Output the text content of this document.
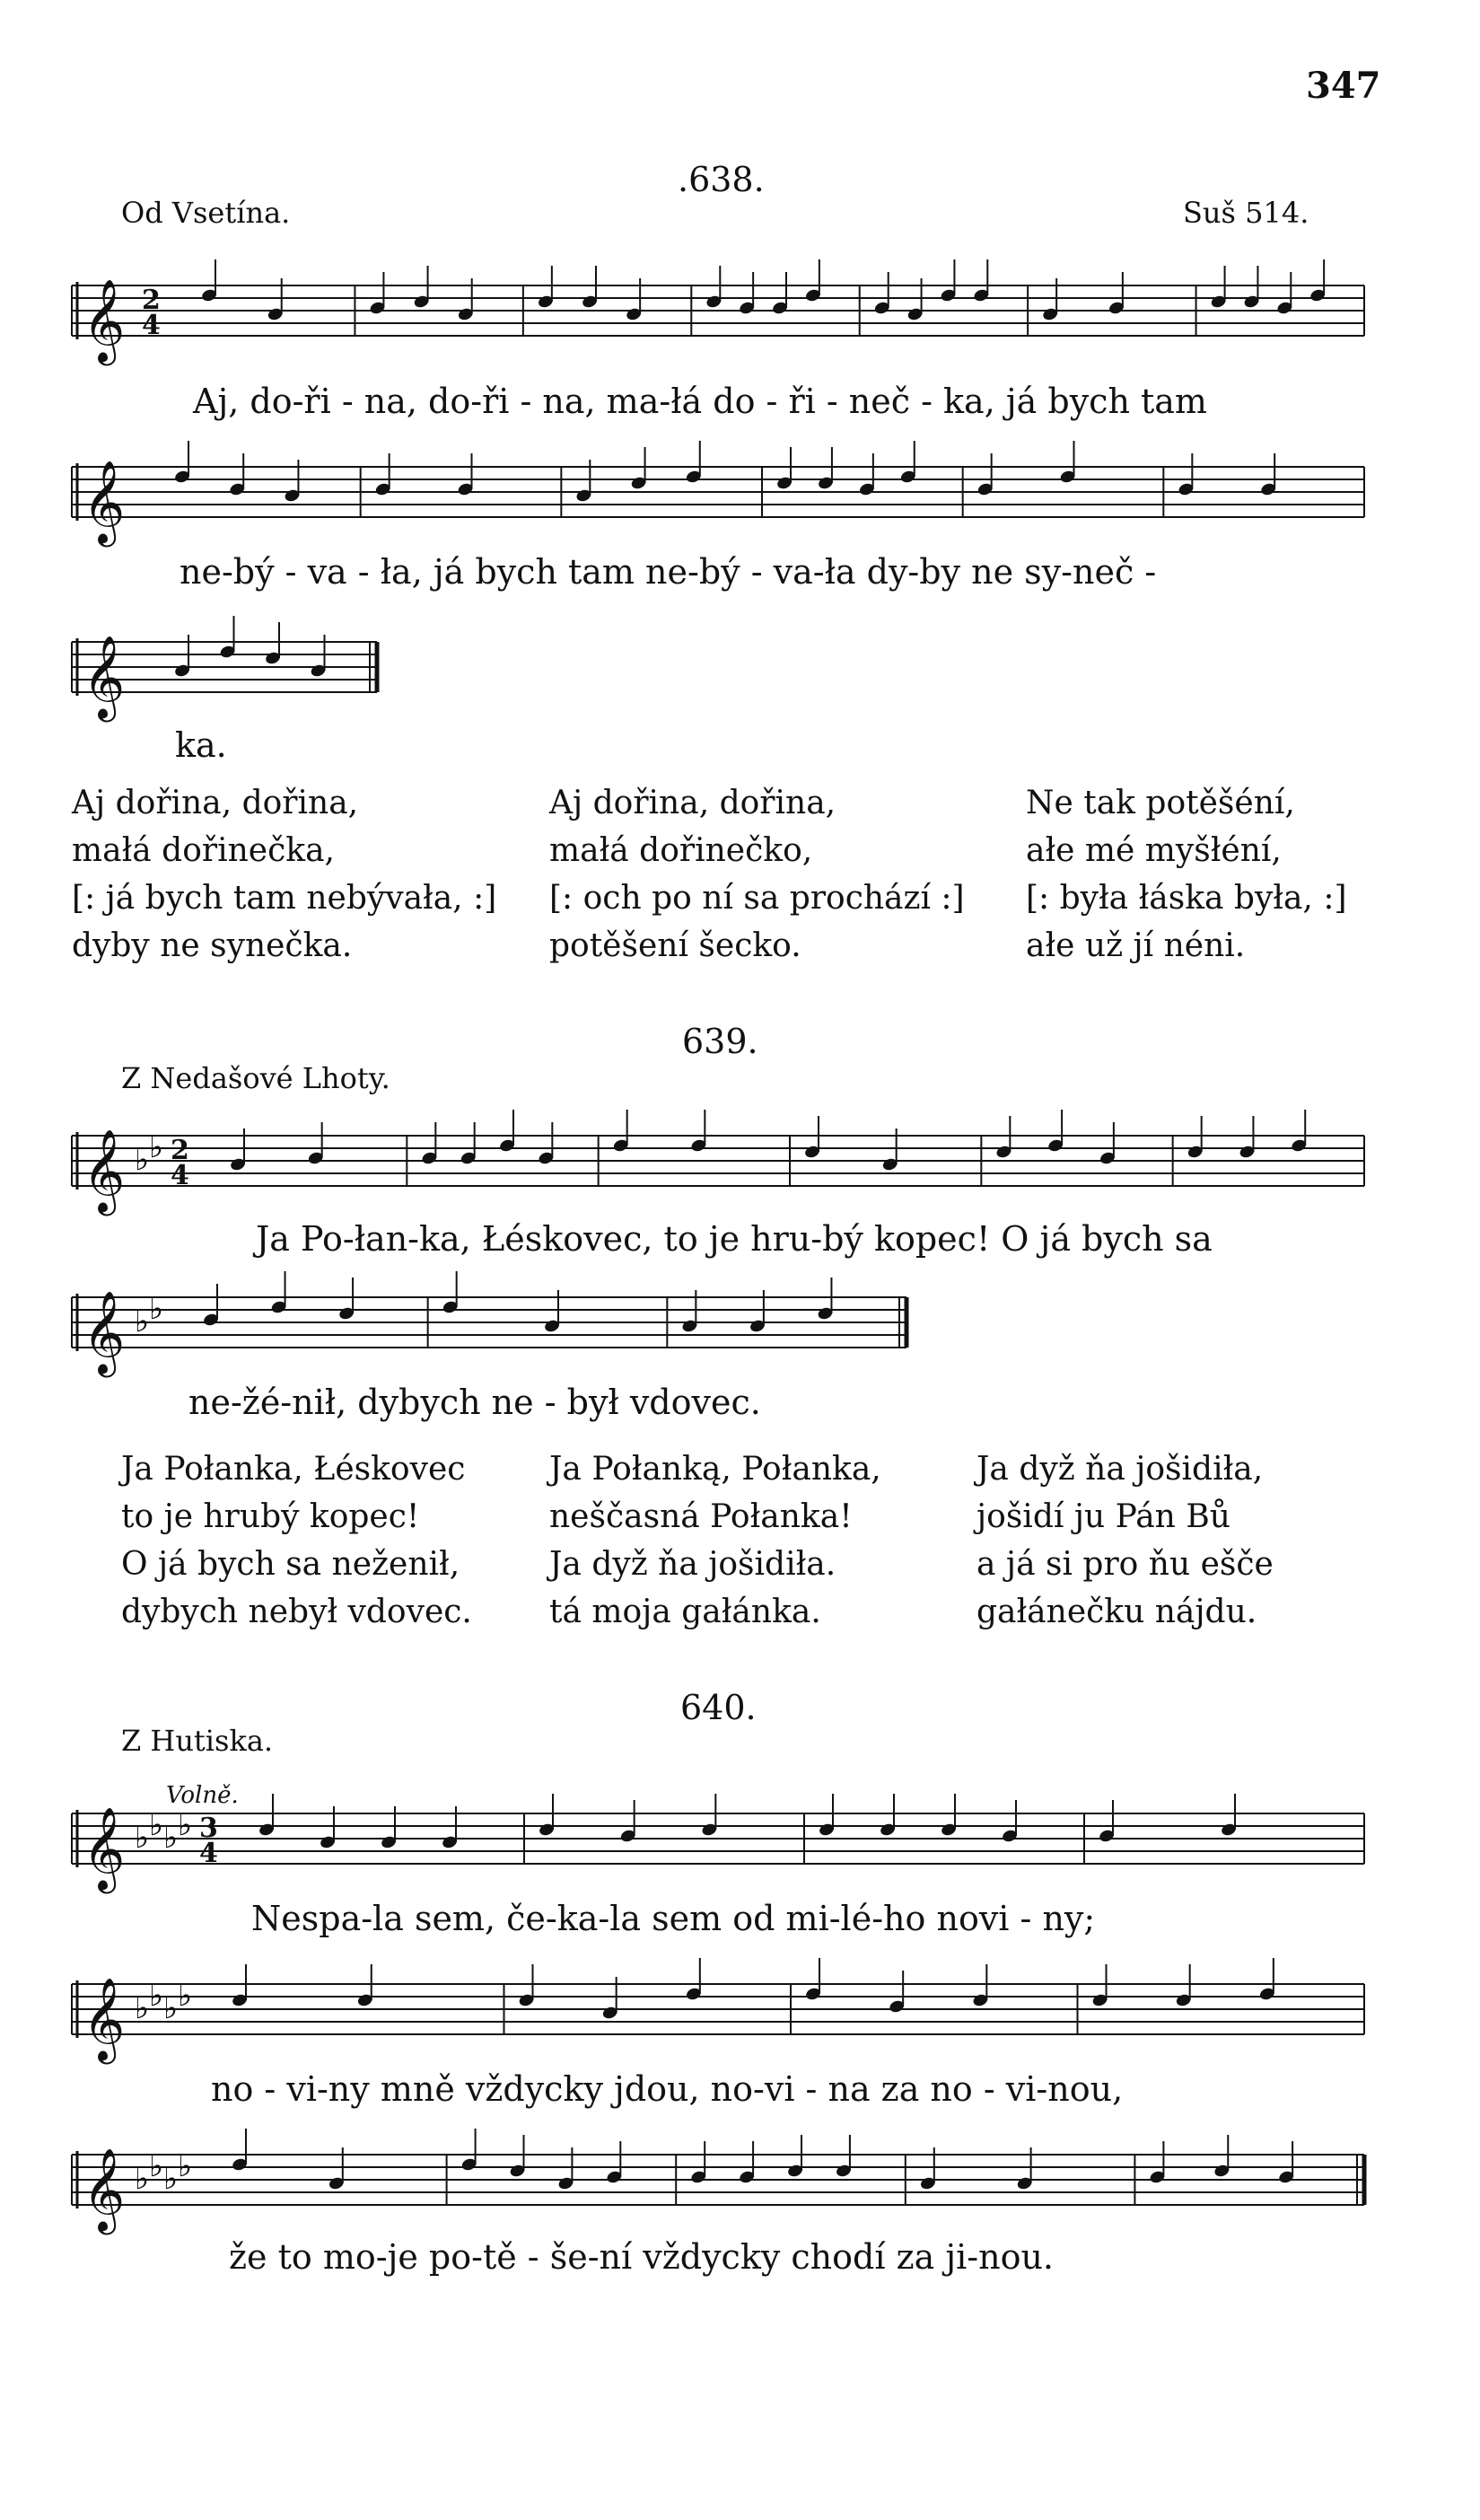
347
.638.
Od Vsetína.	Suš 514.
𝄞 2
4
Aj, do-ři - na, do-ři - na, ma-łá do - ři - neč - ka, já bych tam
𝄞
ne-bý - va - ła, já bych tam ne-bý - va-ła dy-by ne sy-neč -
𝄞
ka.
Aj dořina, dořina,
małá dořinečka,
[: já bych tam nebývała, :]
dyby ne synečka.
Aj dořina, dořina,
małá dořinečko,
[: och po ní sa prochází :]
potěšení šecko.
Ne tak potěšéní,
ałe mé myšłéní,
[: była łáska była, :]
ałe už jí néni.
639.
Z Nedašové Lhoty.
𝄞 ♭ ♭ 2
4
Ja Po-łan-ka, Łéskovec, to je hru-bý kopec! O já bych sa
𝄞 ♭ ♭
ne-žé-nił, dybych ne - był vdovec.
Ja Połanka, Łéskovec
to je hrubý kopec!
O já bych sa neženił,
dybych nebył vdovec.
Ja Połanką, Połanka,
neščasná Połanka!
Ja dyž ňa jošidiła.
tá moja gałánka.
Ja dyž ňa jošidiła,
jošidí ju Pán Bů
a já si pro ňu ešče
gałánečku nájdu.
640.
Z Hutiska.
Volně.
𝄞 ♭ ♭ ♭ ♭ 3
4
Nespa-la sem, če-ka-la sem od mi-lé-ho novi - ny;
𝄞 ♭ ♭ ♭ ♭
no - vi-ny mně vždycky jdou, no-vi - na za no - vi-nou,
𝄞 ♭ ♭ ♭ ♭
že to mo-je po-tě - še-ní vždycky chodí za ji-nou.
